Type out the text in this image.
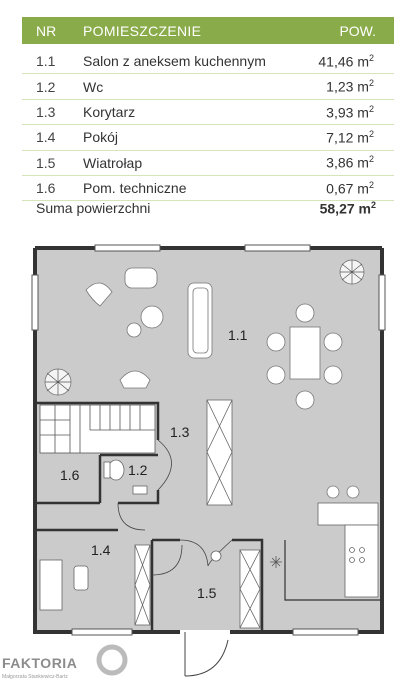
NR	POMIESZCZENIE	POW.
1.1	Salon z aneksem kuchennym	41,46 $m^2$
1.2	Wc	1,23 $m^2$
1.3	Korytarz	3,93 $m^2$
1.4	Pokój	7,12 $m^2$
1.5	Wiatrołap	3,86 $m^2$
1.6	Pom. techniczne	0,67 $m^2$
Suma powierzchni	58,27 $m^2$
1.1
1.2
1.3
1.4
1.5
1.6
FAKTORIA
Małgorzata Stankiewicz-Bartz
